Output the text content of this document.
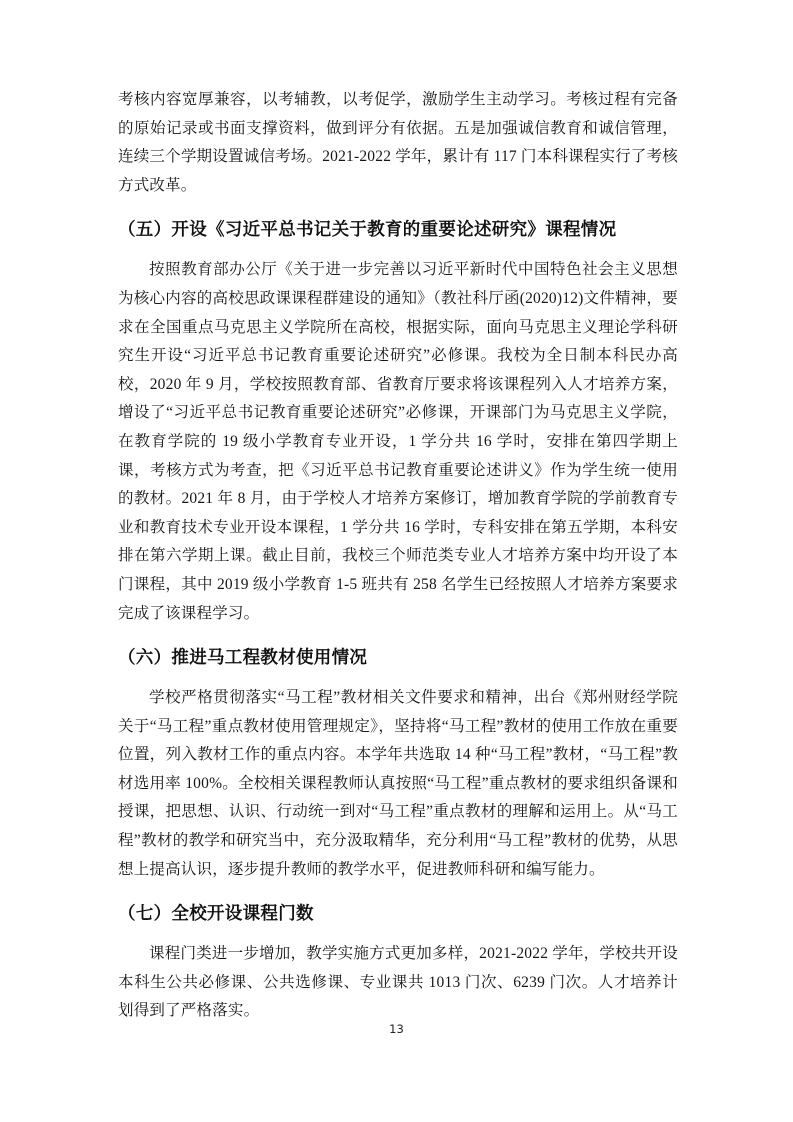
考核内容宽厚兼容，以考辅教，以考促学，激励学生主动学习。考核过程有完备的原始记录或书面支撑资料，做到评分有依据。五是加强诚信教育和诚信管理，连续三个学期设置诚信考场。2021-2022 学年，累计有 117 门本科课程实行了考核方式改革。

（五）开设《习近平总书记关于教育的重要论述研究》课程情况

按照教育部办公厅《关于进一步完善以习近平新时代中国特色社会主义思想为核心内容的高校思政课课程群建设的通知》（教社科厅函(2020)12)文件精神，要求在全国重点马克思主义学院所在高校，根据实际，面向马克思主义理论学科研究生开设“习近平总书记教育重要论述研究”必修课。我校为全日制本科民办高校，2020 年 9 月，学校按照教育部、省教育厅要求将该课程列入人才培养方案，增设了“习近平总书记教育重要论述研究”必修课，开课部门为马克思主义学院，在教育学院的 19 级小学教育专业开设，1 学分共 16 学时，安排在第四学期上课，考核方式为考查，把《习近平总书记教育重要论述讲义》作为学生统一使用的教材。2021 年 8 月，由于学校人才培养方案修订，增加教育学院的学前教育专业和教育技术专业开设本课程，1 学分共 16 学时，专科安排在第五学期，本科安排在第六学期上课。截止目前，我校三个师范类专业人才培养方案中均开设了本门课程，其中 2019 级小学教育 1-5 班共有 258 名学生已经按照人才培养方案要求完成了该课程学习。

（六）推进马工程教材使用情况

学校严格贯彻落实“马工程”教材相关文件要求和精神，出台《郑州财经学院关于“马工程”重点教材使用管理规定》，坚持将“马工程”教材的使用工作放在重要位置，列入教材工作的重点内容。本学年共选取 14 种“马工程”教材，“马工程”教材选用率 100%。全校相关课程教师认真按照“马工程”重点教材的要求组织备课和授课，把思想、认识、行动统一到对“马工程”重点教材的理解和运用上。从“马工程”教材的教学和研究当中，充分汲取精华，充分利用“马工程”教材的优势，从思想上提高认识，逐步提升教师的教学水平，促进教师科研和编写能力。

（七）全校开设课程门数

课程门类进一步增加，教学实施方式更加多样，2021-2022 学年，学校共开设本科生公共必修课、公共选修课、专业课共 1013 门次、6239 门次。人才培养计划得到了严格落实。

13
